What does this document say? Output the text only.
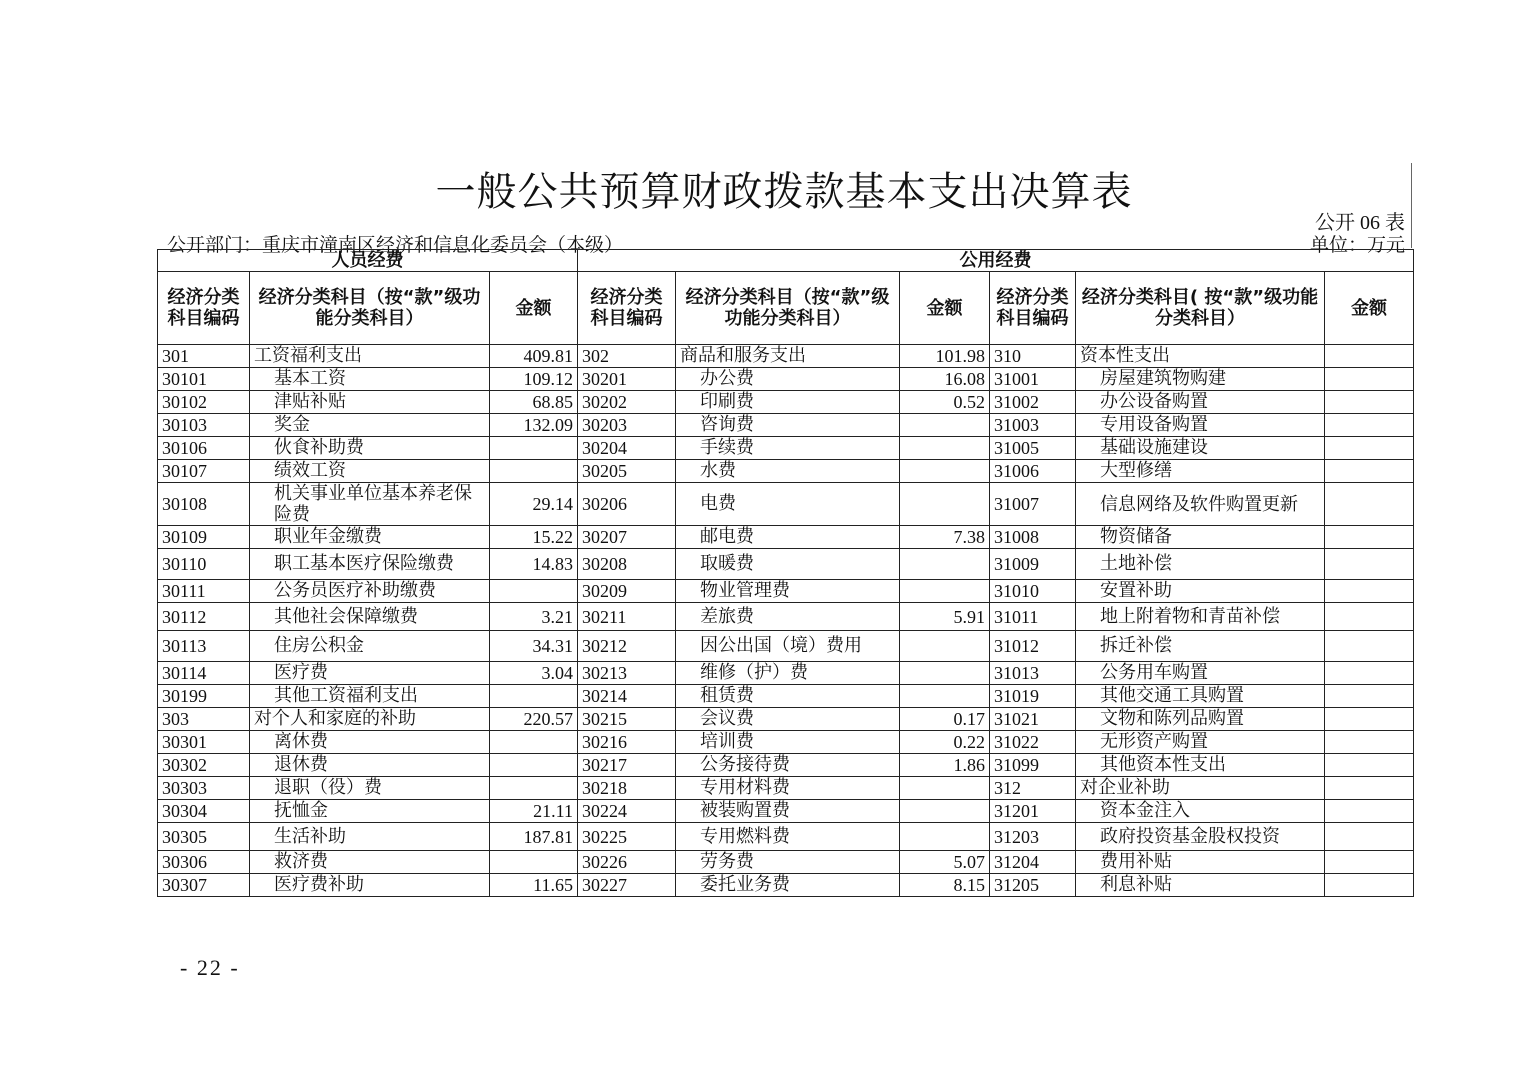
一般公共预算财政拨款基本支出决算表
公开 06 表
公开部门：重庆市潼南区经济和信息化委员会（本级）	单位：万元
人员经费			公用经费					
经济分类科目编码	经济分类科目（按“款”级功能分类科目）	金额	经济分类科目编码	经济分类科目（按“款”级功能分类科目）	金额	经济分类科目编码	经济分类科目( 按“款”级功能分类科目）	金额
301	工资福利支出	409.81	302	商品和服务支出	101.98	310	资本性支出	
30101	基本工资	109.12	30201	办公费	16.08	31001	房屋建筑物购建	
30102	津贴补贴	68.85	30202	印刷费	0.52	31002	办公设备购置	
30103	奖金	132.09	30203	咨询费		31003	专用设备购置	
30106	伙食补助费		30204	手续费		31005	基础设施建设	
30107	绩效工资		30205	水费		31006	大型修缮	
30108	机关事业单位基本养老保险费	29.14	30206	电费		31007	信息网络及软件购置更新	
30109	职业年金缴费	15.22	30207	邮电费	7.38	31008	物资储备	
30110	职工基本医疗保险缴费	14.83	30208	取暖费		31009	土地补偿	
30111	公务员医疗补助缴费		30209	物业管理费		31010	安置补助	
30112	其他社会保障缴费	3.21	30211	差旅费	5.91	31011	地上附着物和青苗补偿	
30113	住房公积金	34.31	30212	因公出国（境）费用		31012	拆迁补偿	
30114	医疗费	3.04	30213	维修（护）费		31013	公务用车购置	
30199	其他工资福利支出		30214	租赁费		31019	其他交通工具购置	
303	对个人和家庭的补助	220.57	30215	会议费	0.17	31021	文物和陈列品购置	
30301	离休费		30216	培训费	0.22	31022	无形资产购置	
30302	退休费		30217	公务接待费	1.86	31099	其他资本性支出	
30303	退职（役）费		30218	专用材料费		312	对企业补助	
30304	抚恤金	21.11	30224	被装购置费		31201	资本金注入	
30305	生活补助	187.81	30225	专用燃料费		31203	政府投资基金股权投资	
30306	救济费		30226	劳务费	5.07	31204	费用补贴	
30307	医疗费补助	11.65	30227	委托业务费	8.15	31205	利息补贴	
- 22 -
